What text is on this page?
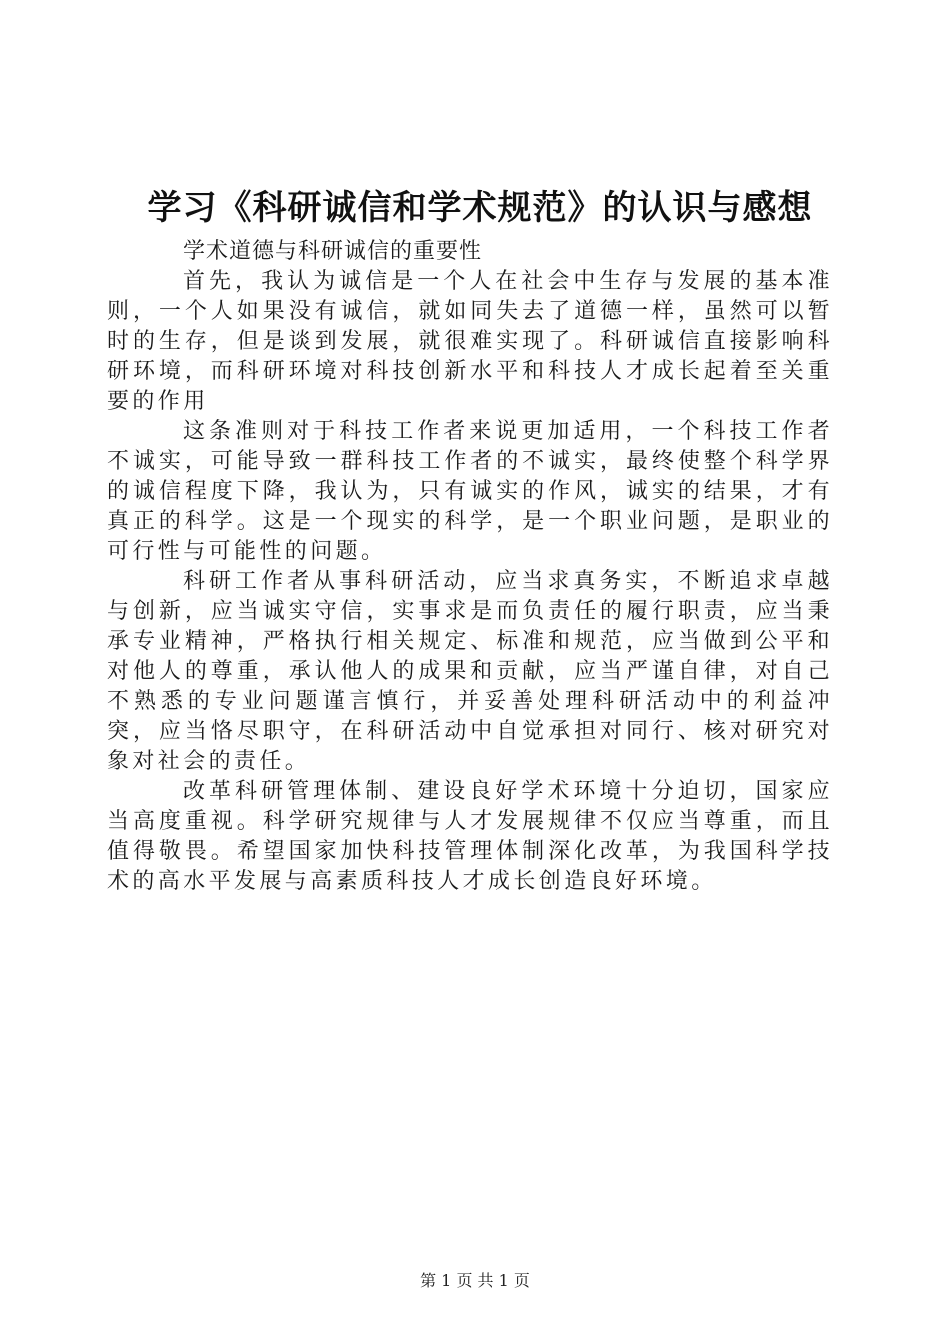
学习《科研诚信和学术规范》的认识与感想

学术道德与科研诚信的重要性

首先，我认为诚信是一个人在社会中生存与发展的基本准则，一个人如果没有诚信，就如同失去了道德一样，虽然可以暂时的生存，但是谈到发展，就很难实现了。科研诚信直接影响科研环境，而科研环境对科技创新水平和科技人才成长起着至关重要的作用

这条准则对于科技工作者来说更加适用，一个科技工作者不诚实，可能导致一群科技工作者的不诚实，最终使整个科学界的诚信程度下降，我认为，只有诚实的作风，诚实的结果，才有真正的科学。这是一个现实的科学，是一个职业问题，是职业的可行性与可能性的问题。

科研工作者从事科研活动，应当求真务实，不断追求卓越与创新，应当诚实守信，实事求是而负责任的履行职责，应当秉承专业精神，严格执行相关规定、标准和规范，应当做到公平和对他人的尊重，承认他人的成果和贡献，应当严谨自律，对自己不熟悉的专业问题谨言慎行，并妥善处理科研活动中的利益冲突，应当恪尽职守，在科研活动中自觉承担对同行、核对研究对象对社会的责任。

改革科研管理体制、建设良好学术环境十分迫切，国家应当高度重视。科学研究规律与人才发展规律不仅应当尊重，而且值得敬畏。希望国家加快科技管理体制深化改革，为我国科学技术的高水平发展与高素质科技人才成长创造良好环境。

第 1 页 共 1 页
